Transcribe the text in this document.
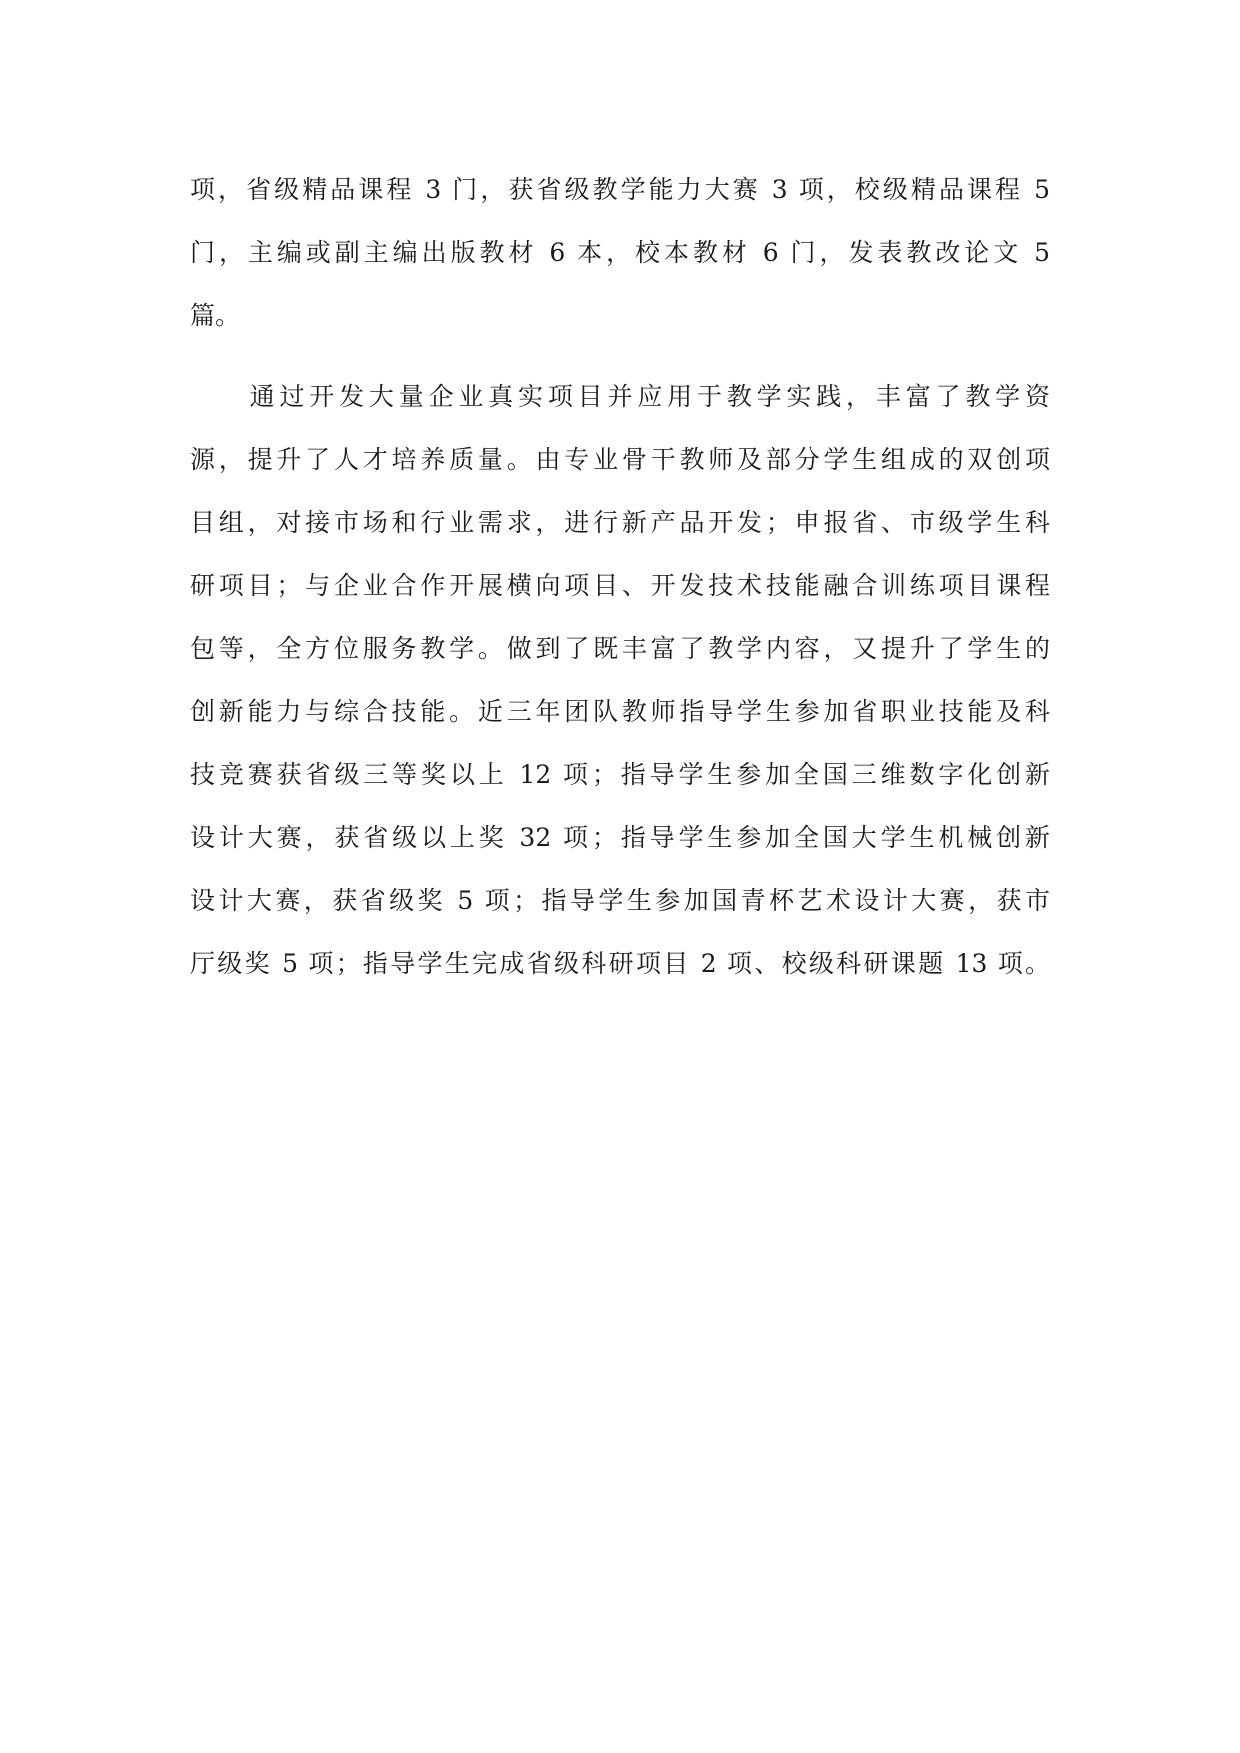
项，省级精品课程 3 门，获省级教学能力大赛 3 项，校级精品课程 5
门，主编或副主编出版教材 6 本，校本教材 6 门，发表教改论文 5
篇。
　　通过开发大量企业真实项目并应用于教学实践，丰富了教学资
源，提升了人才培养质量。由专业骨干教师及部分学生组成的双创项
目组，对接市场和行业需求，进行新产品开发；申报省、市级学生科
研项目；与企业合作开展横向项目、开发技术技能融合训练项目课程
包等，全方位服务教学。做到了既丰富了教学内容，又提升了学生的
创新能力与综合技能。近三年团队教师指导学生参加省职业技能及科
技竞赛获省级三等奖以上 12 项；指导学生参加全国三维数字化创新
设计大赛，获省级以上奖 32 项；指导学生参加全国大学生机械创新
设计大赛，获省级奖 5 项；指导学生参加国青杯艺术设计大赛，获市
厅级奖 5 项；指导学生完成省级科研项目 2 项、校级科研课题 13 项。
